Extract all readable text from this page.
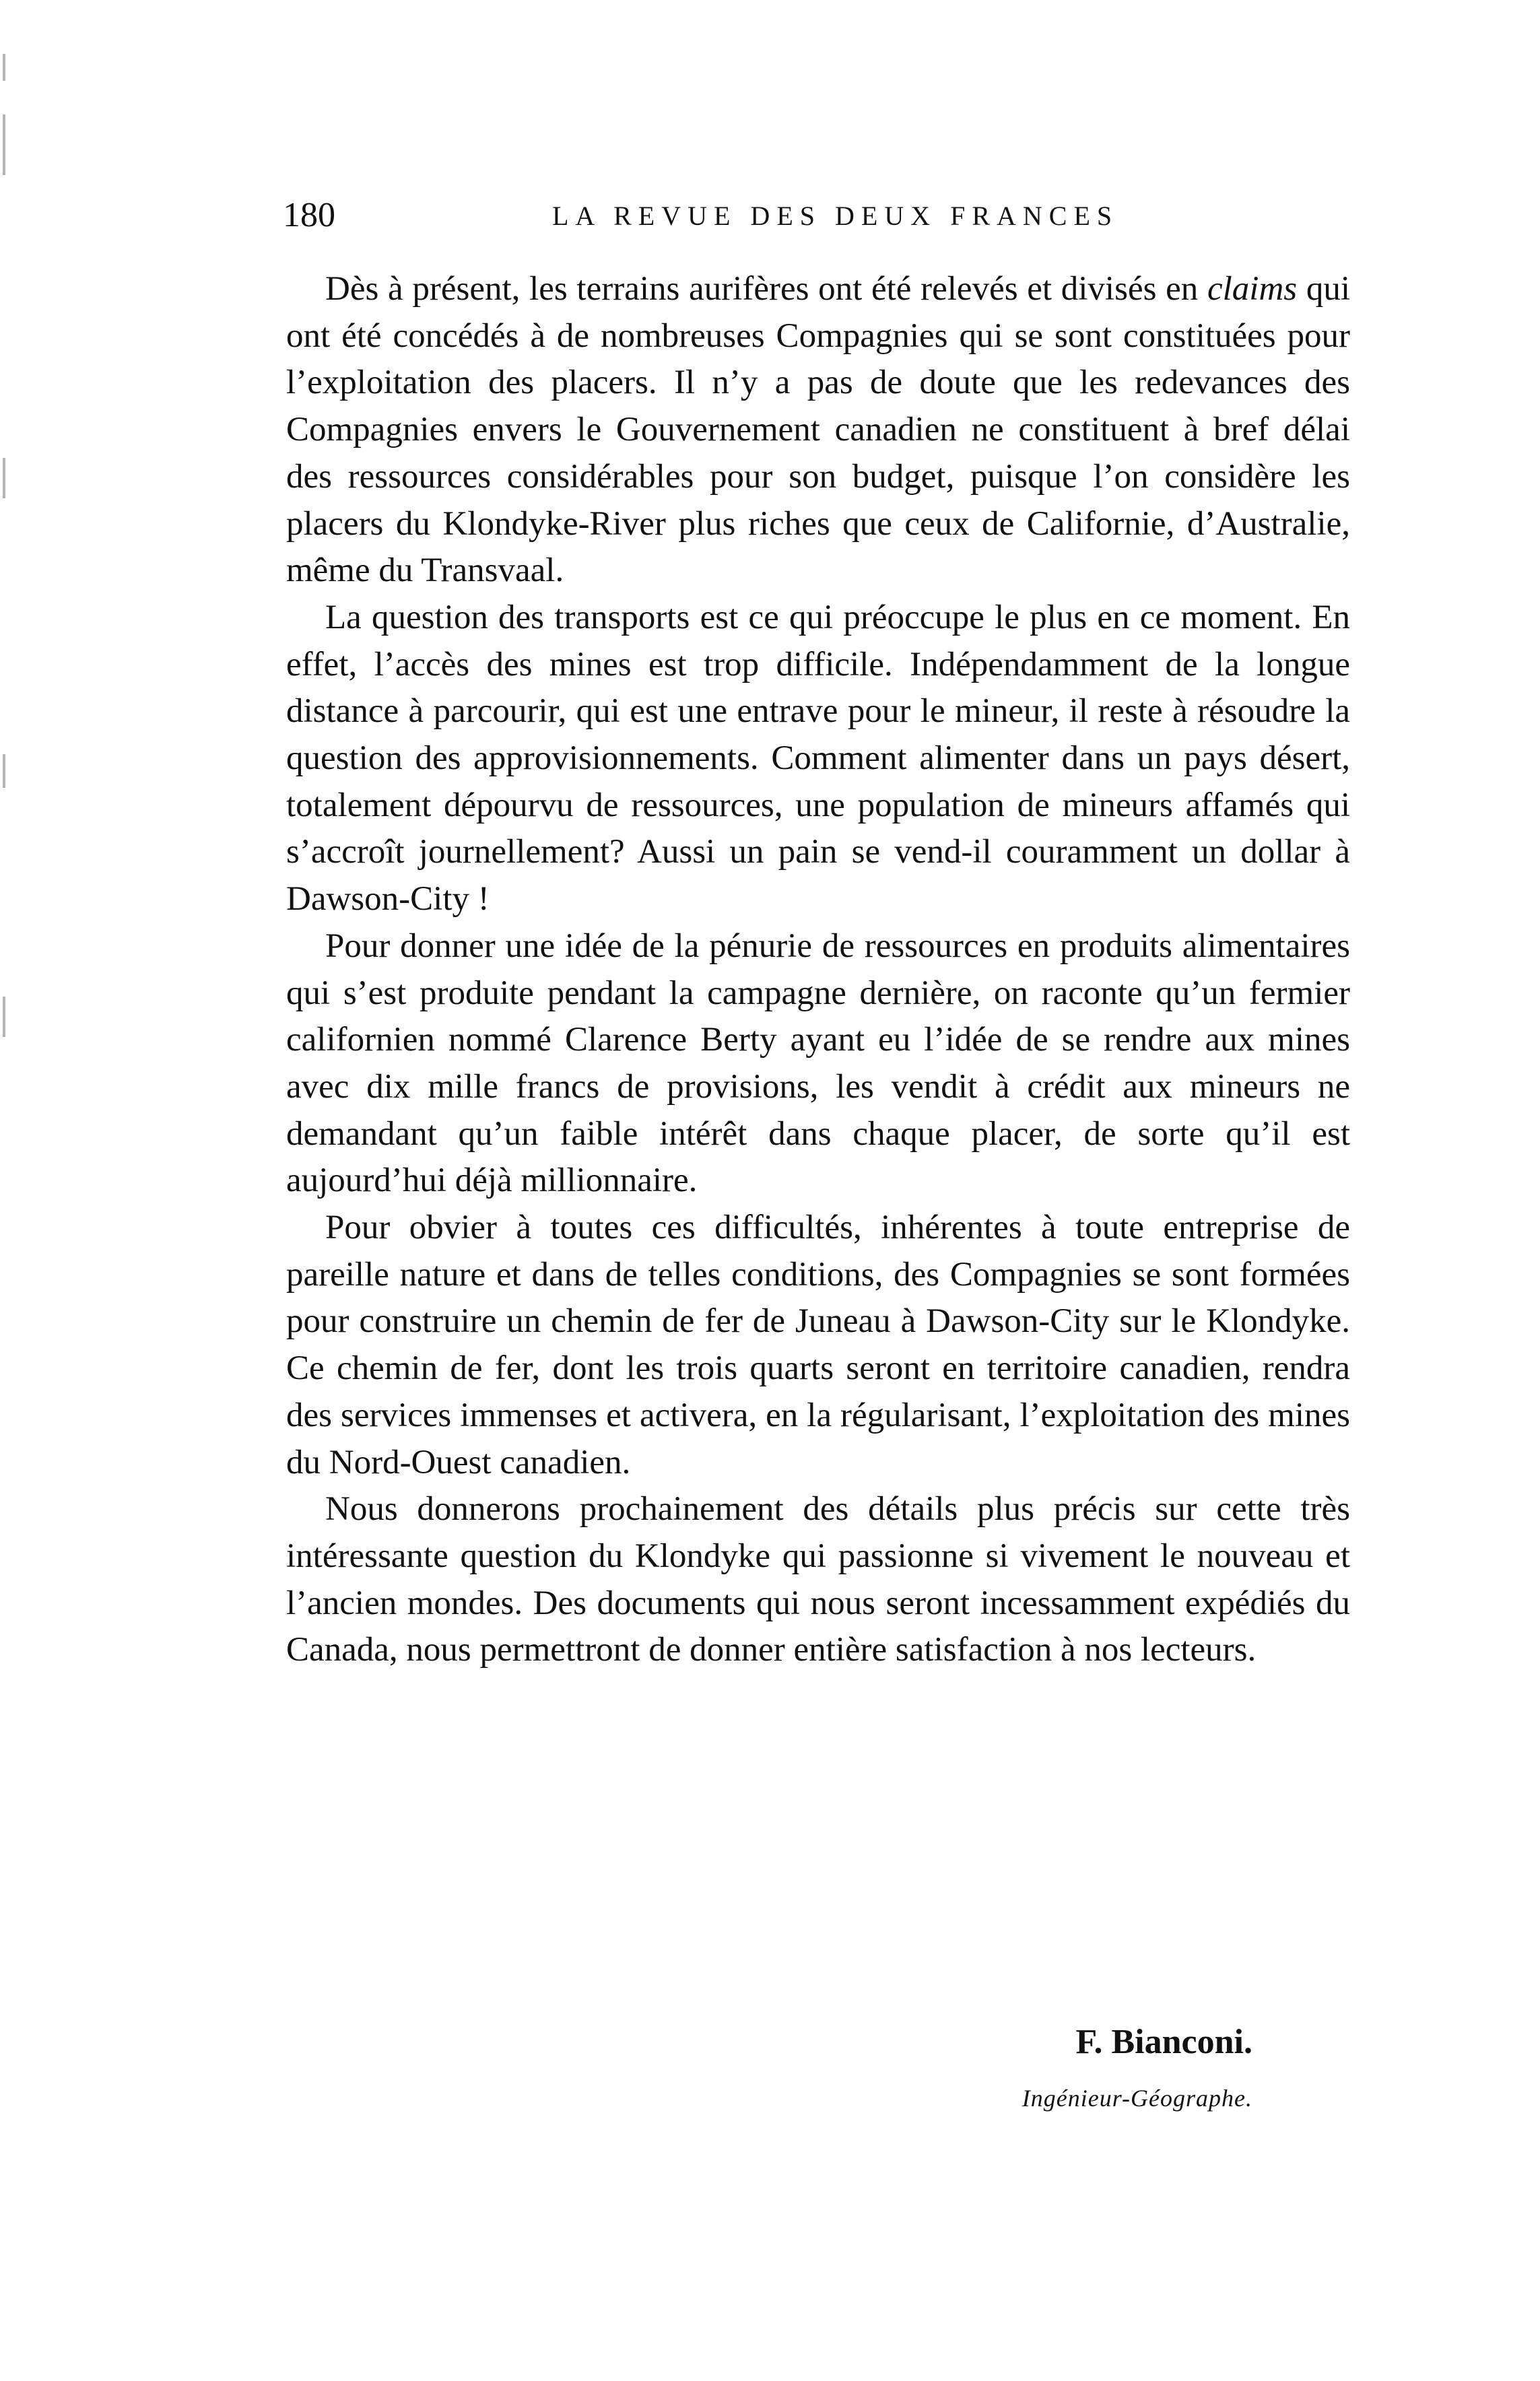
180	LA REVUE DES DEUX FRANCES

Dès à présent, les terrains aurifères ont été relevés et divisés en claims qui ont été concédés à de nombreuses Compagnies qui se sont constituées pour l’exploitation des placers. Il n’y a pas de doute que les redevances des Compagnies envers le Gouvernement canadien ne constituent à bref délai des ressources considérables pour son budget, puisque l’on considère les placers du Klondyke-River plus riches que ceux de Californie, d’Australie, même du Transvaal.

La question des transports est ce qui préoccupe le plus en ce moment. En effet, l’accès des mines est trop difficile. Indépendamment de la longue distance à parcourir, qui est une entrave pour le mineur, il reste à résoudre la question des approvisionnements. Comment alimenter dans un pays désert, totalement dépourvu de ressources, une population de mineurs affamés qui s’accroît journellement? Aussi un pain se vend-il couramment un dollar à Dawson-City !

Pour donner une idée de la pénurie de ressources en produits alimentaires qui s’est produite pendant la campagne dernière, on raconte qu’un fermier californien nommé Clarence Berty ayant eu l’idée de se rendre aux mines avec dix mille francs de provisions, les vendit à crédit aux mineurs ne demandant qu’un faible intérêt dans chaque placer, de sorte qu’il est aujourd’hui déjà millionnaire.

Pour obvier à toutes ces difficultés, inhérentes à toute entreprise de pareille nature et dans de telles conditions, des Compagnies se sont formées pour construire un chemin de fer de Juneau à Dawson-City sur le Klondyke. Ce chemin de fer, dont les trois quarts seront en territoire canadien, rendra des services immenses et activera, en la régularisant, l’exploitation des mines du Nord-Ouest canadien.

Nous donnerons prochainement des détails plus précis sur cette très intéressante question du Klondyke qui passionne si vivement le nouveau et l’ancien mondes. Des documents qui nous seront incessamment expédiés du Canada, nous permettront de donner entière satisfaction à nos lecteurs.

F. Bianconi.
Ingénieur-Géographe.
